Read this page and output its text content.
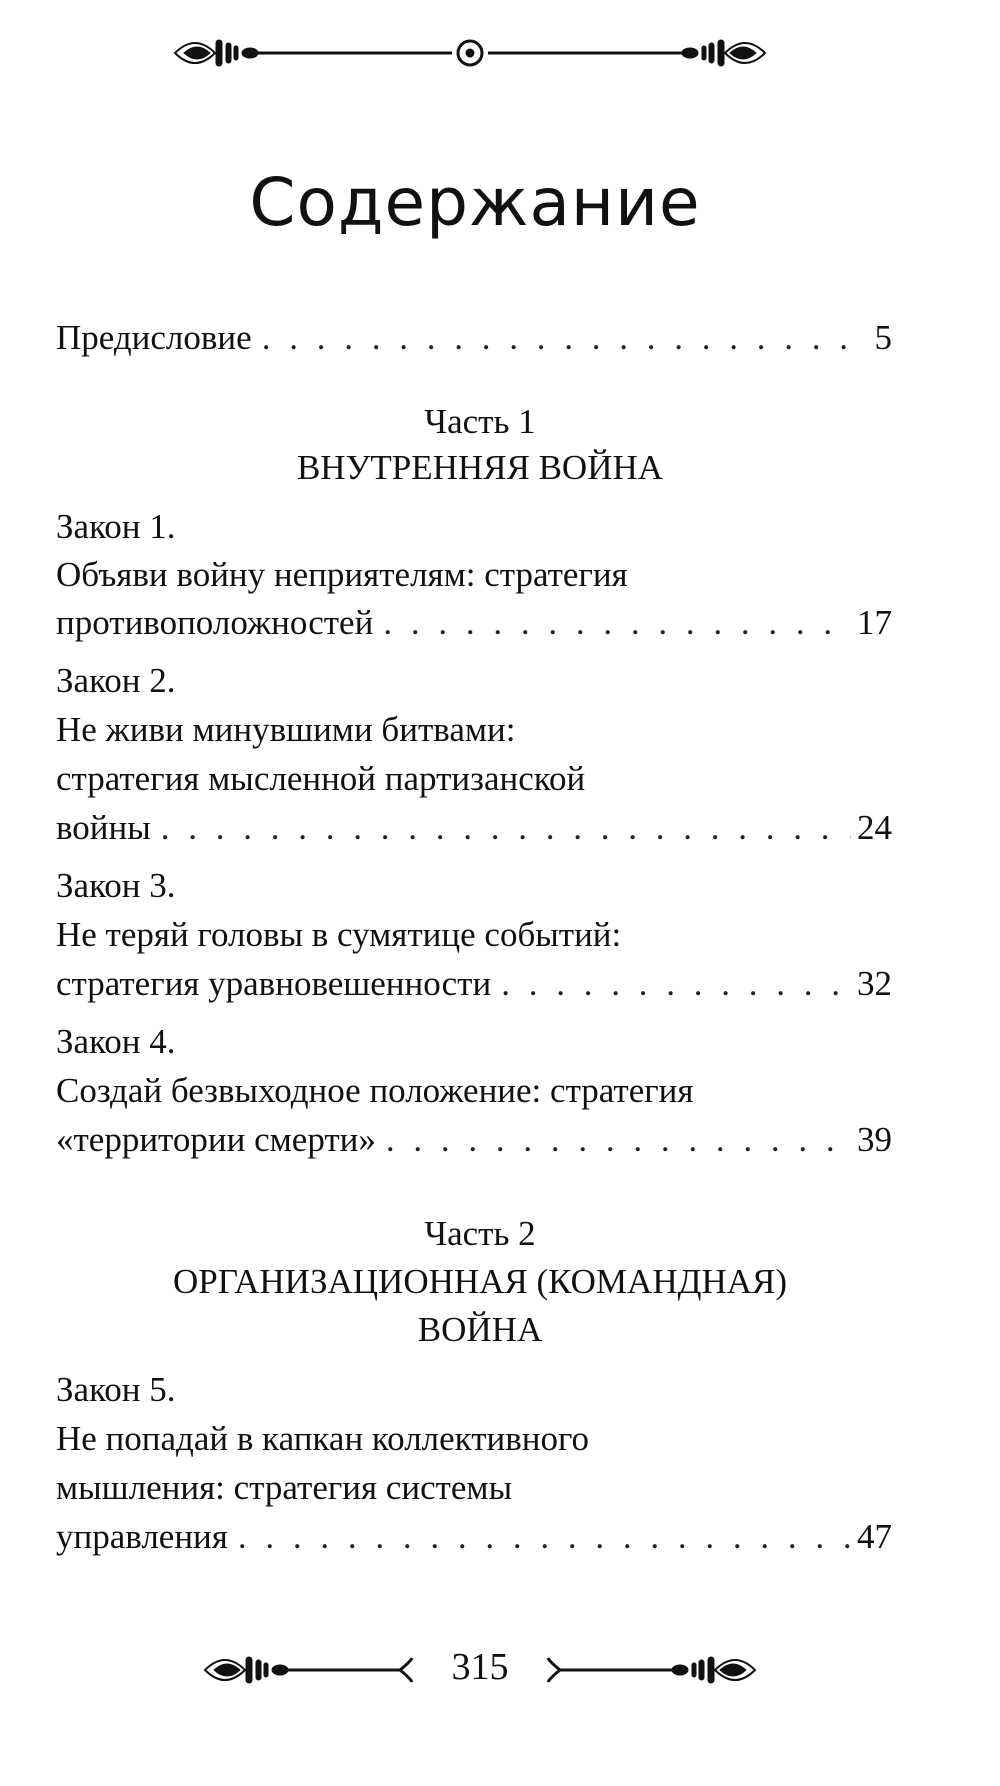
Содержание
Предисловие . . .	5
Часть 1
ВНУТРЕННЯЯ ВОЙНА
Закон 1.
Объяви войну неприятелям: стратегия
противоположностей . . .	17
Закон 2.
Не живи минувшими битвами:
стратегия мысленной партизанской
войны . . .	24
Закон 3.
Не теряй головы в сумятице событий:
стратегия уравновешенности . . .	32
Закон 4.
Создай безвыходное положение: стратегия
«территории смерти» . . .	39
Часть 2
ОРГАНИЗАЦИОННАЯ (КОМАНДНАЯ)
ВОЙНА
Закон 5.
Не попадай в капкан коллективного
мышления: стратегия системы
управления . . .	47
315
